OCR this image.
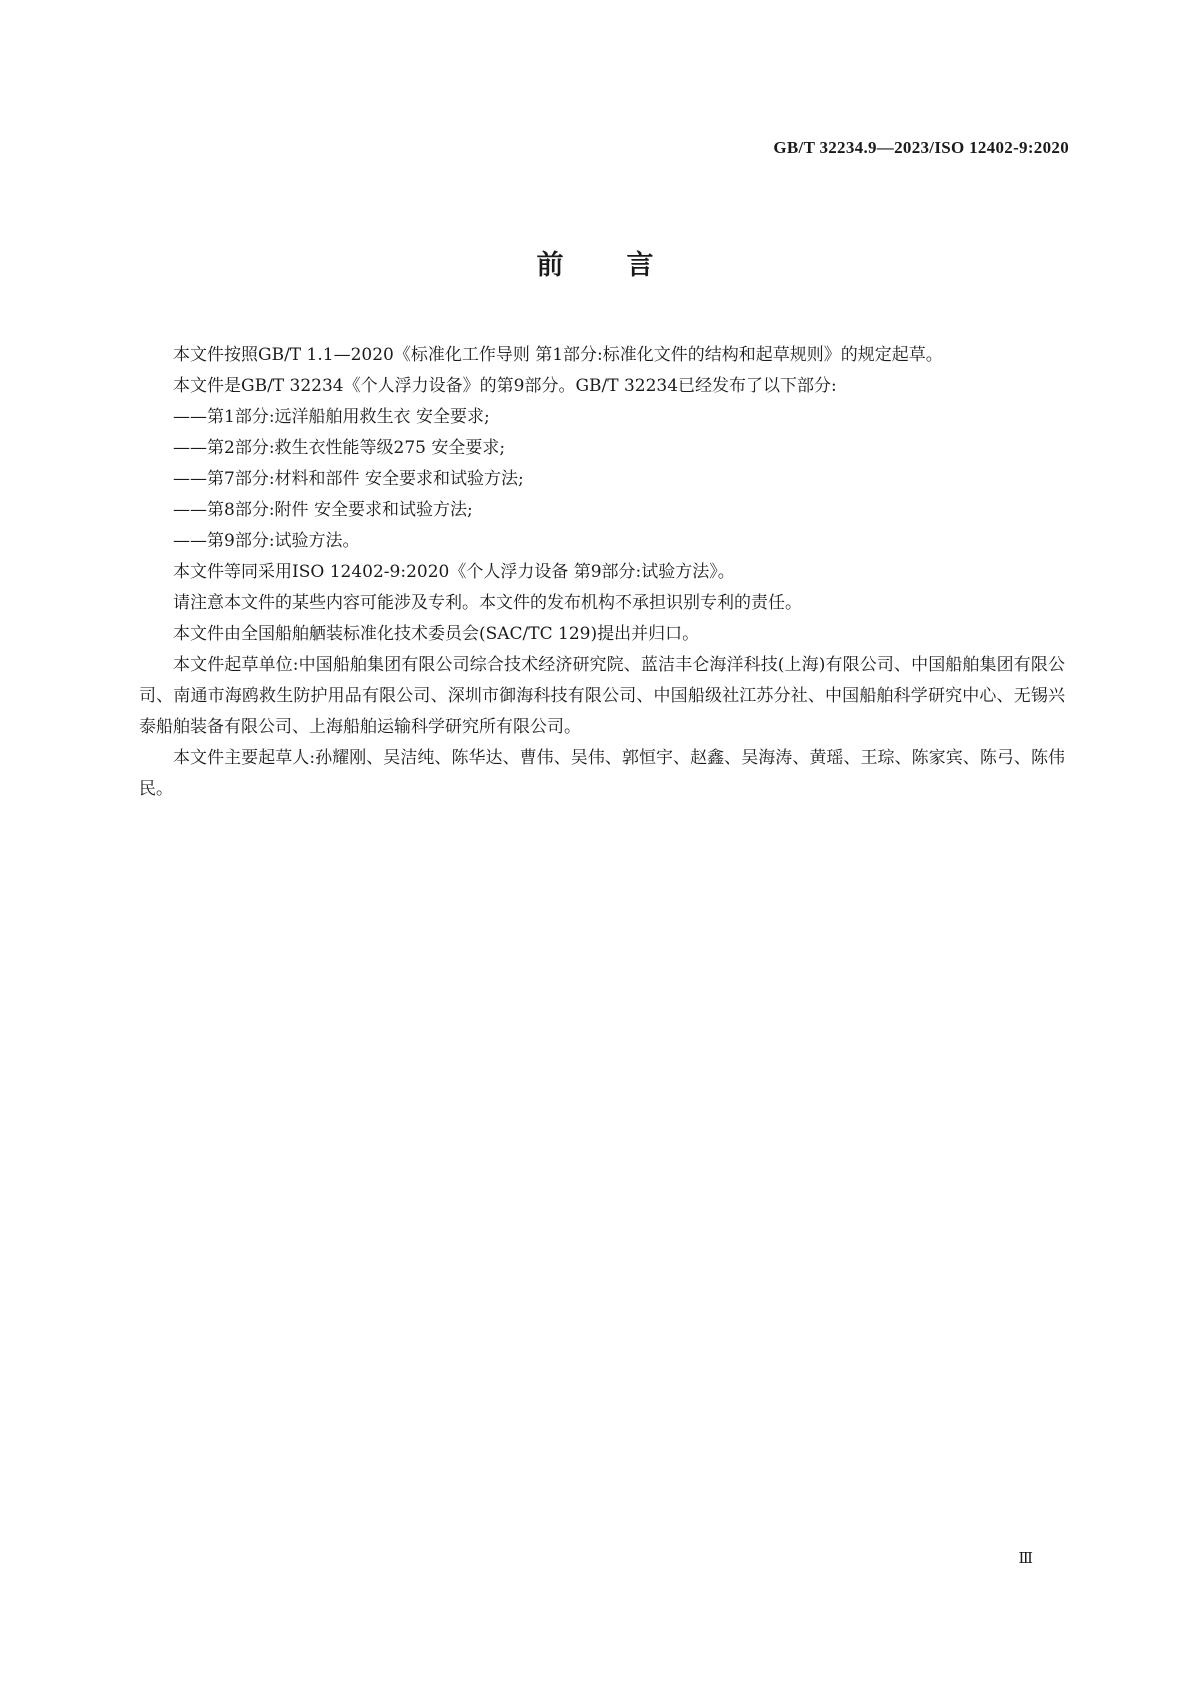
GB/T 32234.9—2023/ISO 12402-9:2020
前 言

本文件按照GB/T 1.1—2020《标准化工作导则 第1部分:标准化文件的结构和起草规则》的规定起草。

本文件是GB/T 32234《个人浮力设备》的第9部分。GB/T 32234已经发布了以下部分:

——第1部分:远洋船舶用救生衣 安全要求;

——第2部分:救生衣性能等级275 安全要求;

——第7部分:材料和部件 安全要求和试验方法;

——第8部分:附件 安全要求和试验方法;

——第9部分:试验方法。

本文件等同采用ISO 12402-9:2020《个人浮力设备 第9部分:试验方法》。

请注意本文件的某些内容可能涉及专利。本文件的发布机构不承担识别专利的责任。

本文件由全国船舶舾装标准化技术委员会(SAC/TC 129)提出并归口。

本文件起草单位:中国船舶集团有限公司综合技术经济研究院、蓝洁丰仑海洋科技(上海)有限公司、中国船舶集团有限公司、南通市海鸥救生防护用品有限公司、深圳市御海科技有限公司、中国船级社江苏分社、中国船舶科学研究中心、无锡兴泰船舶装备有限公司、上海船舶运输科学研究所有限公司。

本文件主要起草人:孙耀刚、吴洁纯、陈华达、曹伟、吴伟、郭恒宇、赵鑫、吴海涛、黄瑶、王琮、陈家宾、陈弓、陈伟民。

Ⅲ
